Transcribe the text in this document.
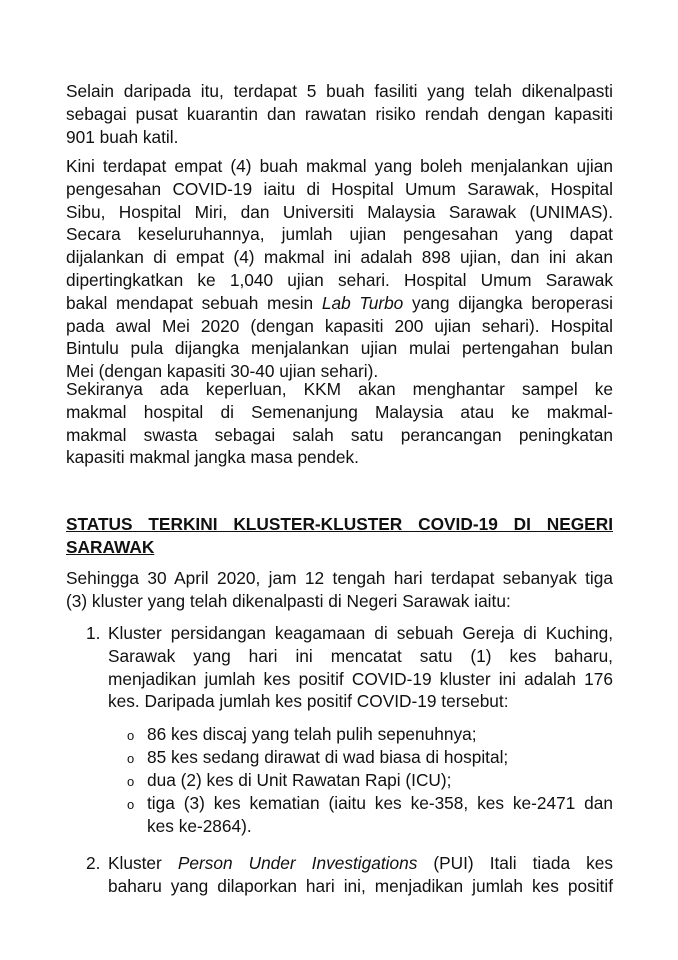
Selain daripada itu, terdapat 5 buah fasiliti yang telah dikenalpasti
sebagai pusat kuarantin dan rawatan risiko rendah dengan kapasiti
901 buah katil.
Kini terdapat empat (4) buah makmal yang boleh menjalankan ujian
pengesahan COVID-19 iaitu di Hospital Umum Sarawak, Hospital
Sibu, Hospital Miri, dan Universiti Malaysia Sarawak (UNIMAS).
Secara keseluruhannya, jumlah ujian pengesahan yang dapat
dijalankan di empat (4) makmal ini adalah 898 ujian, dan ini akan
dipertingkatkan ke 1,040 ujian sehari. Hospital Umum Sarawak
bakal mendapat sebuah mesin Lab Turbo yang dijangka beroperasi
pada awal Mei 2020 (dengan kapasiti 200 ujian sehari). Hospital
Bintulu pula dijangka menjalankan ujian mulai pertengahan bulan
Mei (dengan kapasiti 30-40 ujian sehari).
Sekiranya ada keperluan, KKM akan menghantar sampel ke
makmal hospital di Semenanjung Malaysia atau ke makmal-
makmal swasta sebagai salah satu perancangan peningkatan
kapasiti makmal jangka masa pendek.
STATUS TERKINI KLUSTER-KLUSTER COVID-19 DI NEGERI
SARAWAK
Sehingga 30 April 2020, jam 12 tengah hari terdapat sebanyak tiga
(3) kluster yang telah dikenalpasti di Negeri Sarawak iaitu:
1. Kluster persidangan keagamaan di sebuah Gereja di Kuching,
Sarawak yang hari ini mencatat satu (1) kes baharu,
menjadikan jumlah kes positif COVID-19 kluster ini adalah 176
kes. Daripada jumlah kes positif COVID-19 tersebut:
o 86 kes discaj yang telah pulih sepenuhnya;
o 85 kes sedang dirawat di wad biasa di hospital;
o dua (2) kes di Unit Rawatan Rapi (ICU);
o tiga (3) kes kematian (iaitu kes ke-358, kes ke-2471 dan
kes ke-2864).
2. Kluster Person Under Investigations (PUI) Itali tiada kes
baharu yang dilaporkan hari ini, menjadikan jumlah kes positif
